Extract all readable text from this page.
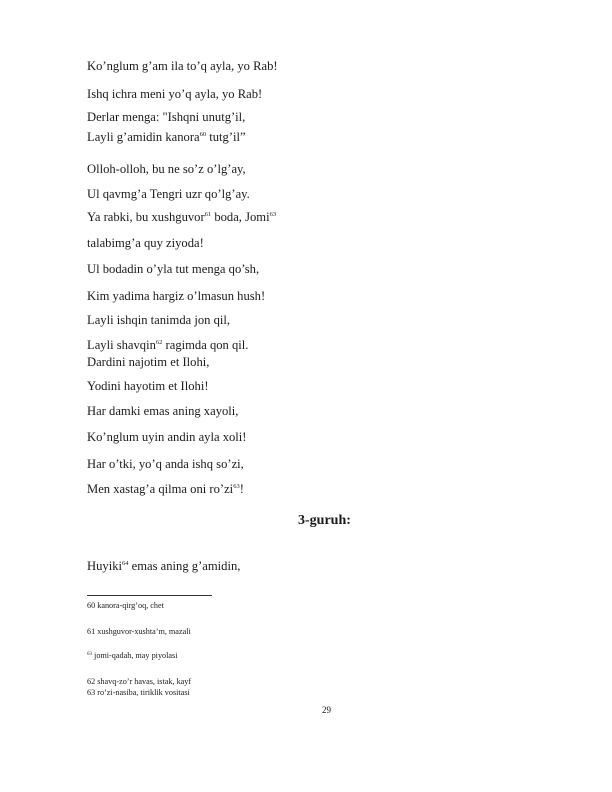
Ko’nglum g’am ila to’q ayla, yo Rab!
Ishq ichra meni yo’q ayla, yo Rab!
Derlar menga: "Ishqni unutg’il,
Layli g’amidin kanora$^{60}$ tutg’il”
Olloh-olloh, bu ne so’z o’lg’ay,
Ul qavmg’a Tengri uzr qo’lg’ay.
Ya rabki, bu xushguvor$^{61}$ boda, Jomi$^{63}$
talabimg’a quy ziyoda!
Ul bodadin o’yla tut menga qo’sh,
Kim yadima hargiz o’lmasun hush!
Layli ishqin tanimda jon qil,
Layli shavqin$^{62}$ ragimda qon qil.
Dardini najotim et Ilohi,
Yodini hayotim et Ilohi!
Har damki emas aning xayoli,
Ko’nglum uyin andin ayla xoli!
Har o’tki, yo’q anda ishq so’zi,
Men xastag’a qilma oni $ro’zi^{63}$!
3-guruh:
Huyiki$^{64}$ emas aning g’amidin,
60 kanora-qirg’oq, chet
61 xushguvor-xushta’m, mazali
$^{63}$ jomi-qadah, may piyolasi
62 shavq-zo’r havas, istak, kayf
63 ro’zi-nasiba, tiriklik vositasi
29
